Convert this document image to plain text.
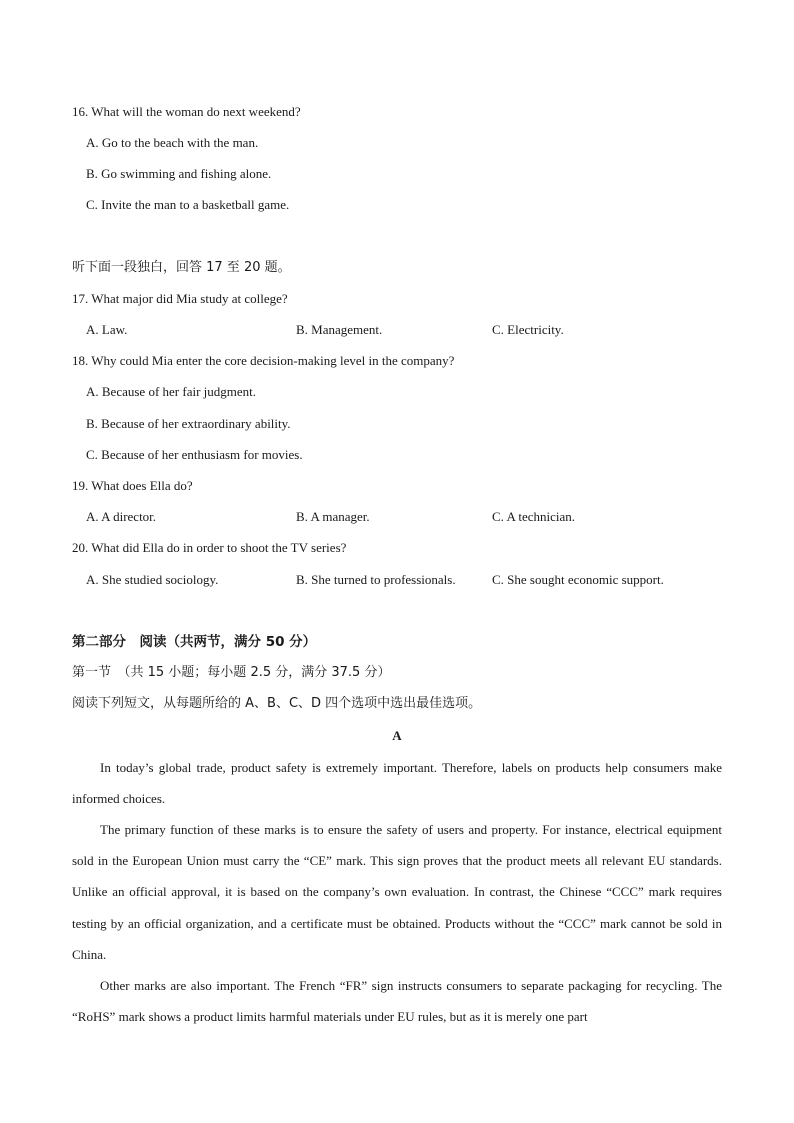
16. What will the woman do next weekend?
A. Go to the beach with the man.
B. Go swimming and fishing alone.
C. Invite the man to a basketball game.
听下面一段独白，回答 17 至 20 题。
17. What major did Mia study at college?
A. Law.	B. Management.	C. Electricity.
18. Why could Mia enter the core decision-making level in the company?
A. Because of her fair judgment.
B. Because of her extraordinary ability.
C. Because of her enthusiasm for movies.
19. What does Ella do?
A. A director.	B. A manager.	C. A technician.
20. What did Ella do in order to shoot the TV series?
A. She studied sociology.	B. She turned to professionals.	C. She sought economic support.
第二部分　阅读（共两节，满分 50 分）
第一节　（共 15 小题；每小题 2.5 分，满分 37.5 分）
阅读下列短文，从每题所给的 A、B、C、D 四个选项中选出最佳选项。
A
In today’s global trade, product safety is extremely important. Therefore, labels on products help consumers make informed choices.
The primary function of these marks is to ensure the safety of users and property. For instance, electrical equipment sold in the European Union must carry the “CE” mark. This sign proves that the product meets all relevant EU standards. Unlike an official approval, it is based on the company’s own evaluation. In contrast, the Chinese “CCC” mark requires testing by an official organization, and a certificate must be obtained. Products without the “CCC” mark cannot be sold in China.
Other marks are also important. The French “FR” sign instructs consumers to separate packaging for recycling. The “RoHS” mark shows a product limits harmful materials under EU rules, but as it is merely one part
